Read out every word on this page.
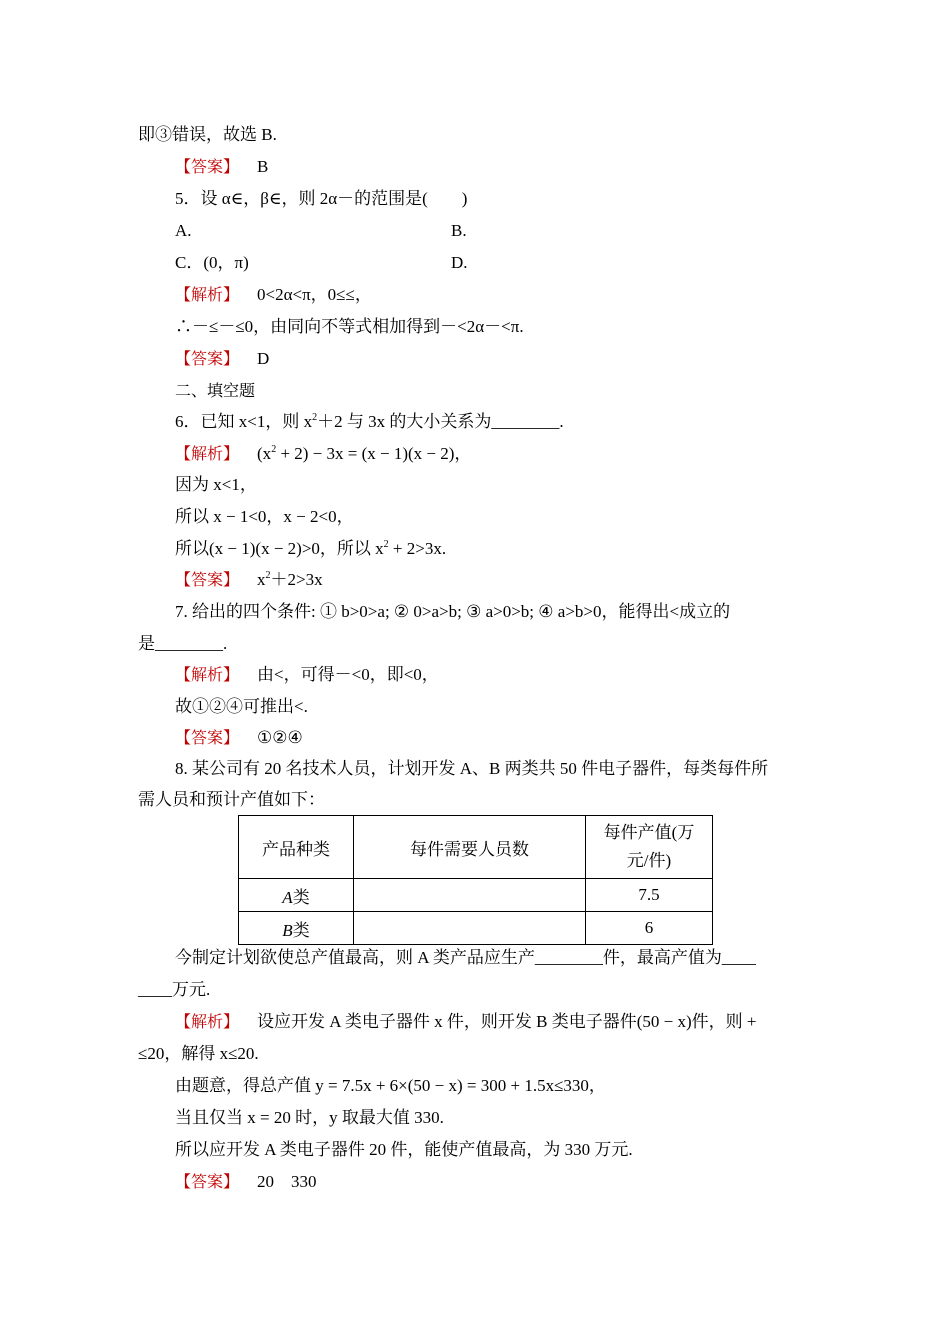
即③错误，故选 B.
【答案】 B
5．设 α∈，β∈，则 2α－的范围是(　　)
A.	B.
C．(0，π)	D.
【解析】 0<2α<π，0≤≤，
∴－≤－≤0，由同向不等式相加得到－<2α－<π.
【答案】 D
二、填空题
6．已知 x<1，则 $x^2+2$ 与 3x 的大小关系为________.
【解析】 $(x^2 + 2) - 3x = (x - 1)(x - 2)$，
因为 x<1，
所以 x − 1<0，x − 2<0，
所以(x − 1)(x − 2)>0，所以 $x^2 + 2>3x$.
【答案】 $x^2+2>3x$
7. 给出的四个条件: ① b>0>a; ② 0>a>b; ③ a>0>b; ④ a>b>0，能得出<成立的
是________.
【解析】 由<，可得－<0，即<0，
故①②④可推出<.
【答案】 ①②④
8. 某公司有 20 名技术人员，计划开发 A、B 两类共 50 件电子器件，每类每件所
需人员和预计产值如下：
产品种类	每件需要人员数	每件产值(万
元/件)

A类		7.5
B类		6
今制定计划欲使总产值最高，则 A 类产品应生产________件，最高产值为____
____万元.
【解析】 设应开发 A 类电子器件 x 件，则开发 B 类电子器件(50 − x)件，则 +
≤20，解得 x≤20.
由题意，得总产值 y = 7.5x + 6×(50 − x) = 300 + 1.5x≤330，
当且仅当 x = 20 时，y 取最大值 330.
所以应开发 A 类电子器件 20 件，能使产值最高，为 330 万元.
【答案】 20　330
